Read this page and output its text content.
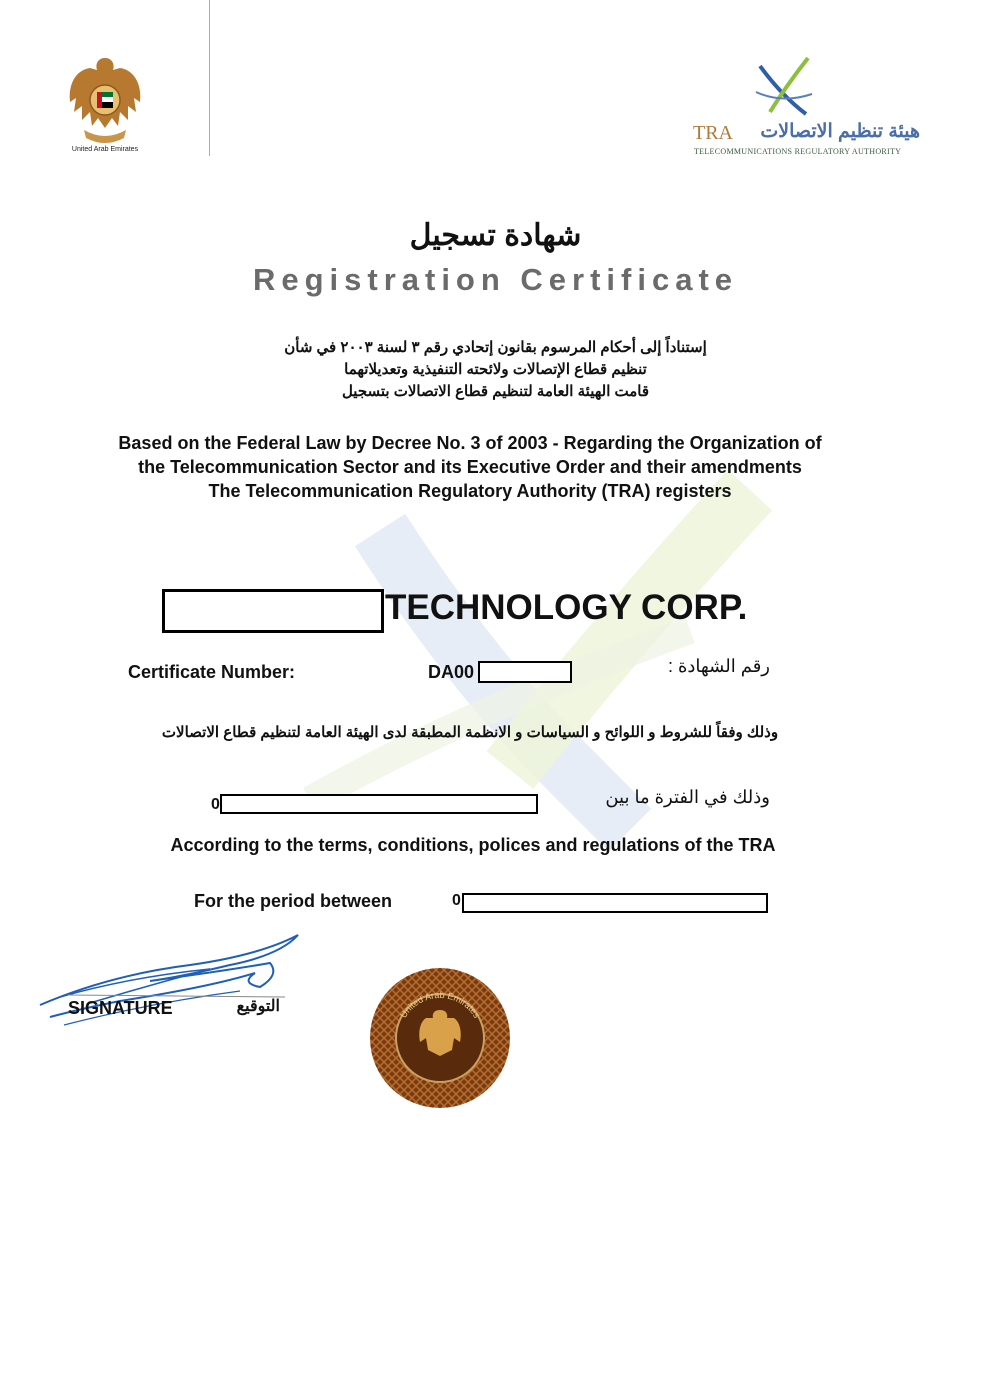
United Arab Emirates
TRA	هيئة تنظيم الاتصالات
TELECOMMUNICATIONS REGULATORY AUTHORITY
شهادة تسجيل
Registration Certificate
إستناداً إلى أحكام المرسوم بقانون إتحادي رقم ٣ لسنة ٢٠٠٣ في شأن
تنظيم قطاع الإتصالات ولائحته التنفيذية وتعديلاتهما
قامت الهيئة العامة لتنظيم قطاع الاتصالات بتسجيل
Based on the Federal Law by Decree No. 3 of 2003 - Regarding the Organization of
the Telecommunication Sector and its Executive Order and their amendments
The Telecommunication Regulatory Authority (TRA) registers
TECHNOLOGY CORP.
Certificate Number:	DA00	رقم الشهادة :
وذلك وفقاً للشروط و اللوائح و السياسات و الانظمة المطبقة لدى الهيئة العامة لتنظيم قطاع الاتصالات
0	وذلك في الفترة ما بين
According to the terms, conditions, polices and regulations of the TRA
For the period between	0
SIGNATURE	التوقيع	United Arab Emirates
